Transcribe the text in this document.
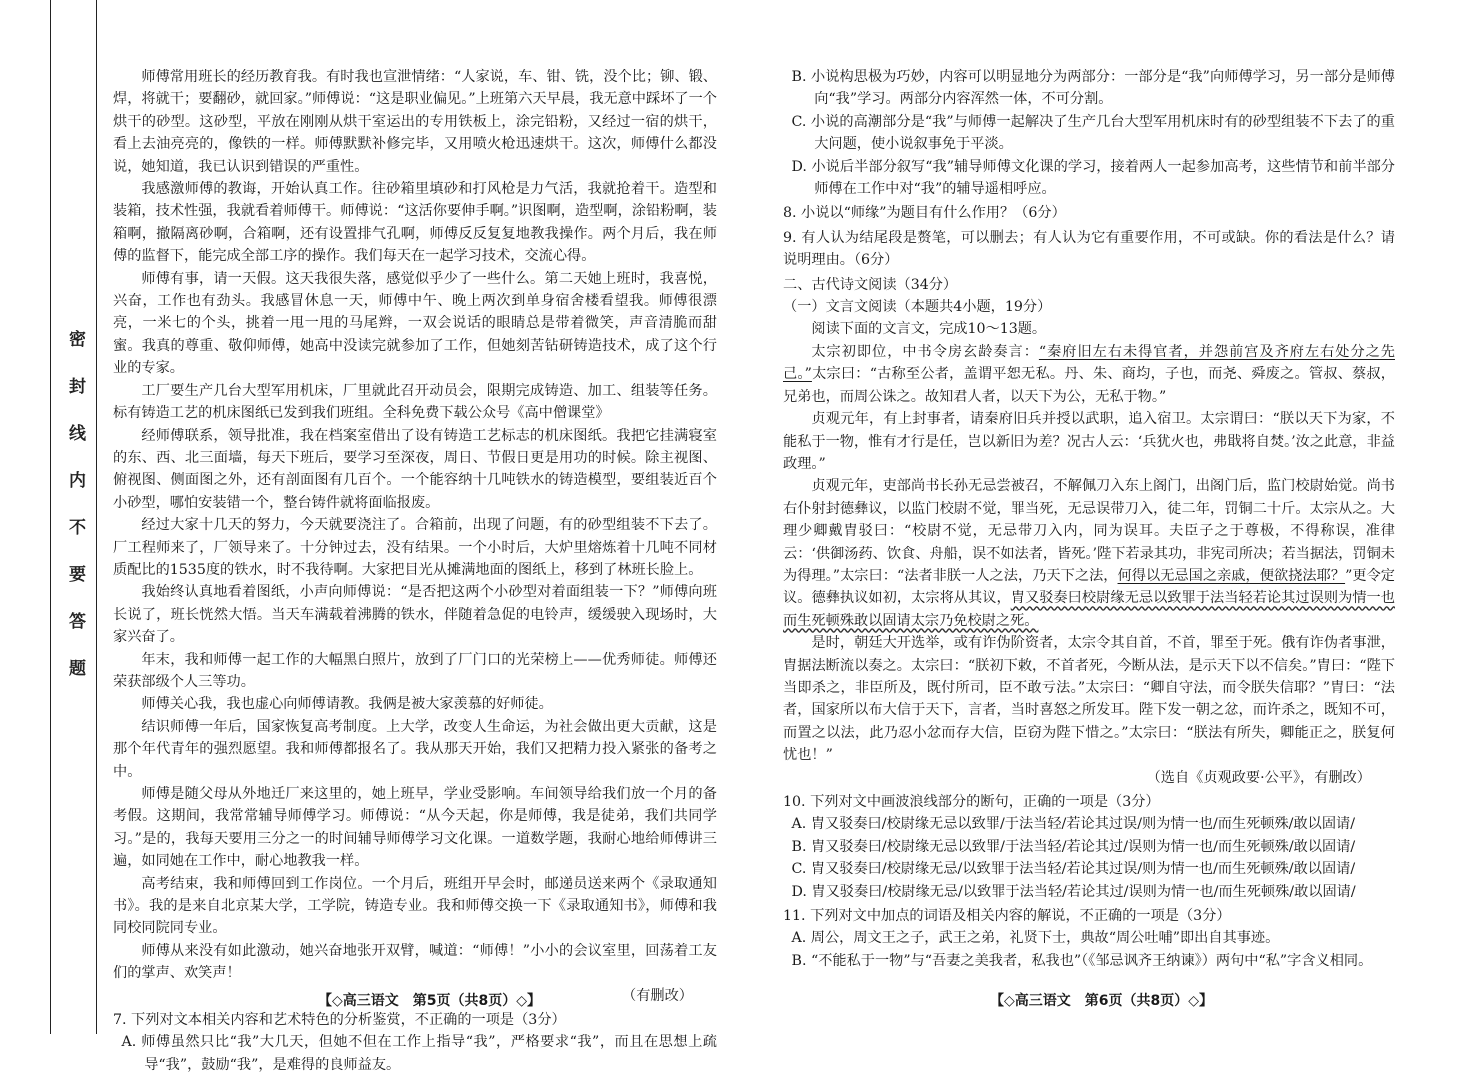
密封线内不要答题

师傅常用班长的经历教育我。有时我也宣泄情绪：“人家说，车、钳、铣，没个比；铆、锻、焊，将就干；要翻砂，就回家。”师傅说：“这是职业偏见。”上班第六天早晨，我无意中踩坏了一个烘干的砂型。这砂型，平放在刚刚从烘干室运出的专用铁板上，涂完铅粉，又经过一宿的烘干，看上去油亮亮的，像铁的一样。师傅默默补修完毕，又用喷火枪迅速烘干。这次，师傅什么都没说，她知道，我已认识到错误的严重性。

我感激师傅的教诲，开始认真工作。往砂箱里填砂和打风枪是力气活，我就抢着干。造型和装箱，技术性强，我就看着师傅干。师傅说：“这活你要伸手啊。”识图啊，造型啊，涂铅粉啊，装箱啊，撤隔离砂啊，合箱啊，还有设置排气孔啊，师傅反反复复地教我操作。两个月后，我在师傅的监督下，能完成全部工序的操作。我们每天在一起学习技术，交流心得。

师傅有事，请一天假。这天我很失落，感觉似乎少了一些什么。第二天她上班时，我喜悦，兴奋，工作也有劲头。我感冒休息一天，师傅中午、晚上两次到单身宿舍楼看望我。师傅很漂亮，一米七的个头，挑着一甩一甩的马尾辫，一双会说话的眼睛总是带着微笑，声音清脆而甜蜜。我真的尊重、敬仰师傅，她高中没读完就参加了工作，但她刻苦钻研铸造技术，成了这个行业的专家。

工厂要生产几台大型军用机床，厂里就此召开动员会，限期完成铸造、加工、组装等任务。标有铸造工艺的机床图纸已发到我们班组。全科免费下载公众号《高中僧课堂》

经师傅联系，领导批准，我在档案室借出了设有铸造工艺标志的机床图纸。我把它挂满寝室的东、西、北三面墙，每天下班后，要学习至深夜，周日、节假日更是用功的时候。除主视图、俯视图、侧面图之外，还有剖面图有几百个。一个能容纳十几吨铁水的铸造模型，要组装近百个小砂型，哪怕安装错一个，整台铸件就将面临报废。

经过大家十几天的努力，今天就要浇注了。合箱前，出现了问题，有的砂型组装不下去了。厂工程师来了，厂领导来了。十分钟过去，没有结果。一个小时后，大炉里熔炼着十几吨不同材质配比的1535度的铁水，时不我待啊。大家把目光从摊满地面的图纸上，移到了林班长脸上。

我始终认真地看着图纸，小声向师傅说：“是否把这两个小砂型对着面组装一下？”师傅向班长说了，班长恍然大悟。当天车满载着沸腾的铁水，伴随着急促的电铃声，缓缓驶入现场时，大家兴奋了。

年末，我和师傅一起工作的大幅黑白照片，放到了厂门口的光荣榜上——优秀师徒。师傅还荣获部级个人三等功。

师傅关心我，我也虚心向师傅请教。我俩是被大家羡慕的好师徒。

结识师傅一年后，国家恢复高考制度。上大学，改变人生命运，为社会做出更大贡献，这是那个年代青年的强烈愿望。我和师傅都报名了。我从那天开始，我们又把精力投入紧张的备考之中。

师傅是随父母从外地迁厂来这里的，她上班早，学业受影响。车间领导给我们放一个月的备考假。这期间，我常常辅导师傅学习。师傅说：“从今天起，你是师傅，我是徒弟，我们共同学习。”是的，我每天要用三分之一的时间辅导师傅学习文化课。一道数学题，我耐心地给师傅讲三遍，如同她在工作中，耐心地教我一样。

高考结束，我和师傅回到工作岗位。一个月后，班组开早会时，邮递员送来两个《录取通知书》。我的是来自北京某大学，工学院，铸造专业。我和师傅交换一下《录取通知书》，师傅和我同校同院同专业。

师傅从来没有如此激动，她兴奋地张开双臂，喊道：“师傅！”小小的会议室里，回荡着工友们的掌声、欢笑声！

（有删改）

7. 下列对文本相关内容和艺术特色的分析鉴赏，不正确的一项是（3分）

A. 师傅虽然只比“我”大几天，但她不但在工作上指导“我”，严格要求“我”，而且在思想上疏导“我”，鼓励“我”，是难得的良师益友。

【◇高三语文　第5页（共8页）◇】

B. 小说构思极为巧妙，内容可以明显地分为两部分：一部分是“我”向师傅学习，另一部分是师傅向“我”学习。两部分内容浑然一体，不可分割。

C. 小说的高潮部分是“我”与师傅一起解决了生产几台大型军用机床时有的砂型组装不下去了的重大问题，使小说叙事免于平淡。

D. 小说后半部分叙写“我”辅导师傅文化课的学习，接着两人一起参加高考，这些情节和前半部分师傅在工作中对“我”的辅导遥相呼应。

8. 小说以“师缘”为题目有什么作用？（6分）

9. 有人认为结尾段是赘笔，可以删去；有人认为它有重要作用，不可或缺。你的看法是什么？请说明理由。（6分）

二、古代诗文阅读（34分）

（一）文言文阅读（本题共4小题，19分）

阅读下面的文言文，完成10～13题。

太宗初即位，中书令房玄龄奏言：“秦府旧左右未得官者，并怨前宫及齐府左右处分之先己。”太宗曰：“古称至公者，盖谓平恕无私。丹、朱、商均，子也，而尧、舜废之。管叔、蔡叔，兄弟也，而周公诛之。故知君人者，以天下为公，无私于物。”

贞观元年，有上封事者，请秦府旧兵并授以武职，追入宿卫。太宗谓曰：“朕以天下为家，不能私于一物，惟有才行是任，岂以新旧为差？况古人云：‘兵犹火也，弗戢将自焚。’汝之此意，非益政理。”

贞观元年，吏部尚书长孙无忌尝被召，不解佩刀入东上阁门，出阁门后，监门校尉始觉。尚书右仆射封德彝议，以监门校尉不觉，罪当死，无忌误带刀入，徒二年，罚铜二十斤。太宗从之。大理少卿戴胄驳曰：“校尉不觉，无忌带刀入内，同为误耳。夫臣子之于尊极，不得称误，准律云：‘供御汤药、饮食、舟船，误不如法者，皆死。’陛下若录其功，非宪司所决；若当据法，罚铜未为得理。”太宗曰：“法者非朕一人之法，乃天下之法，何得以无忌国之亲戚，便欲挠法耶？”更令定议。德彝执议如初，太宗将从其议，胄又驳奏曰校尉缘无忌以致罪于法当轻若论其过误则为情一也而生死顿殊敢以固请太宗乃免校尉之死。

是时，朝廷大开选举，或有诈伪阶资者，太宗令其自首，不首，罪至于死。俄有诈伪者事泄，胄据法断流以奏之。太宗曰：“朕初下敕，不首者死，今断从法，是示天下以不信矣。”胄曰：“陛下当即杀之，非臣所及，既付所司，臣不敢亏法。”太宗曰：“卿自守法，而令朕失信耶？”胄曰：“法者，国家所以布大信于天下，言者，当时喜怒之所发耳。陛下发一朝之忿，而许杀之，既知不可，而置之以法，此乃忍小忿而存大信，臣窃为陛下惜之。”太宗曰：“朕法有所失，卿能正之，朕复何忧也！”

（选自《贞观政要·公平》，有删改）

10. 下列对文中画波浪线部分的断句，正确的一项是（3分）

A. 胄又驳奏曰/校尉缘无忌以致罪/于法当轻/若论其过误/则为情一也/而生死顿殊/敢以固请/

B. 胄又驳奏曰/校尉缘无忌以致罪/于法当轻/若论其过/误则为情一也/而生死顿殊/敢以固请/

C. 胄又驳奏曰/校尉缘无忌/以致罪于法当轻/若论其过误/则为情一也/而生死顿殊/敢以固请/

D. 胄又驳奏曰/校尉缘无忌/以致罪于法当轻/若论其过/误则为情一也/而生死顿殊/敢以固请/

11. 下列对文中加点的词语及相关内容的解说，不正确的一项是（3分）

A. 周公，周文王之子，武王之弟，礼贤下士，典故“周公吐哺”即出自其事迹。

B. “不能私于一物”与“吾妻之美我者，私我也”（《邹忌讽齐王纳谏》）两句中“私”字含义相同。

【◇高三语文　第6页（共8页）◇】
